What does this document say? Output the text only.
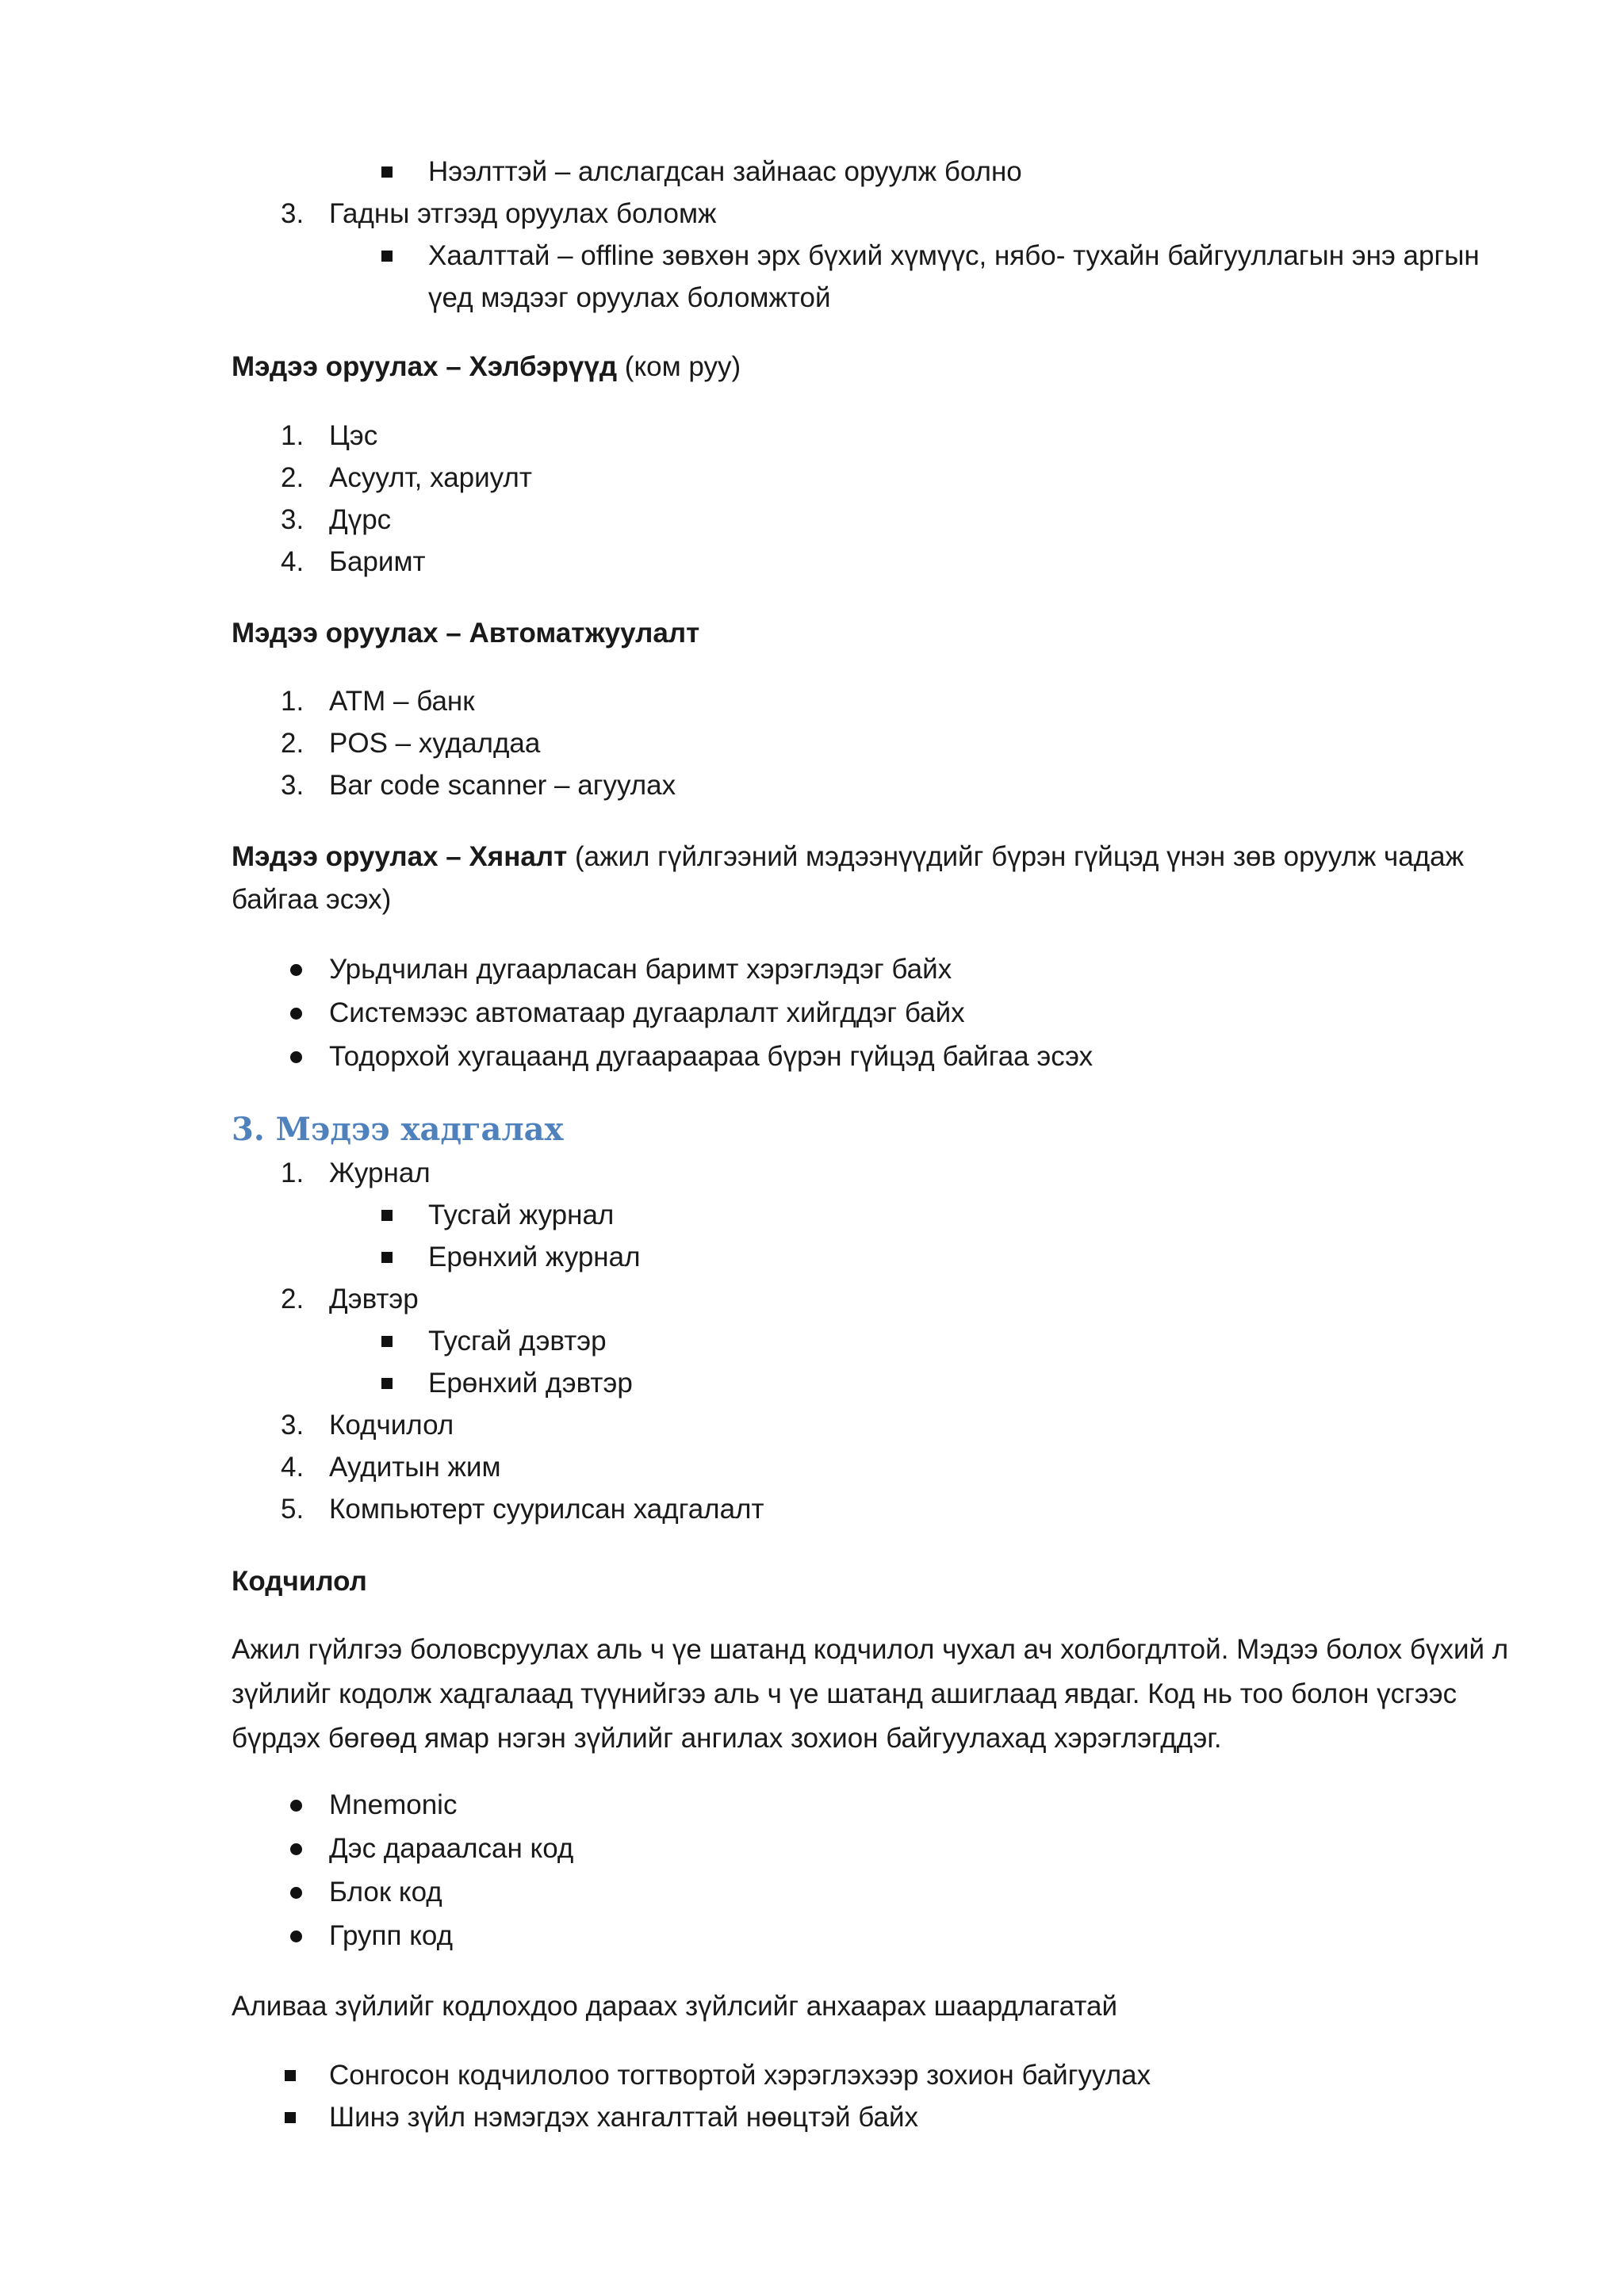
Нээлттэй – алслагдсан зайнаас оруулж болно
3. Гадны этгээд оруулах боломж
Хаалттай – offline зөвхөн эрх бүхий хүмүүс, нябо- тухайн байгууллагын энэ аргын
үед мэдээг оруулах боломжтой
Мэдээ оруулах – Хэлбэрүүд (ком руу)
1. Цэс
2. Асуулт, хариулт
3. Дүрс
4. Баримт
Мэдээ оруулах – Автоматжуулалт
1. ATM – банк
2. POS – худалдаа
3. Bar code scanner – агуулах
Мэдээ оруулах – Хяналт (ажил гүйлгээний мэдээнүүдийг бүрэн гүйцэд үнэн зөв оруулж чадаж
байгаа эсэх)
Урьдчилан дугаарласан баримт хэрэглэдэг байх
Системээс автоматаар дугаарлалт хийгддэг байх
Тодорхой хугацаанд дугаараараа бүрэн гүйцэд байгаа эсэх
3. Мэдээ хадгалах
1. Журнал
Тусгай журнал
Ерөнхий журнал
2. Дэвтэр
Тусгай дэвтэр
Ерөнхий дэвтэр
3. Кодчилол
4. Аудитын жим
5. Компьютерт суурилсан хадгалалт
Кодчилол
Ажил гүйлгээ боловсруулах аль ч үе шатанд кодчилол чухал ач холбогдлтой. Мэдээ болох бүхий л
зүйлийг кодолж хадгалаад түүнийгээ аль ч үе шатанд ашиглаад явдаг. Код нь тоо болон үсгээс
бүрдэх бөгөөд ямар нэгэн зүйлийг ангилах зохион байгуулахад хэрэглэгддэг.
Mnemonic
Дэс дараалсан код
Блок код
Групп код
Аливаа зүйлийг кодлохдоо дараах зүйлсийг анхаарах шаардлагатай
Сонгосон кодчилолоо тогтвортой хэрэглэхээр зохион байгуулах
Шинэ зүйл нэмэгдэх хангалттай нөөцтэй байх
